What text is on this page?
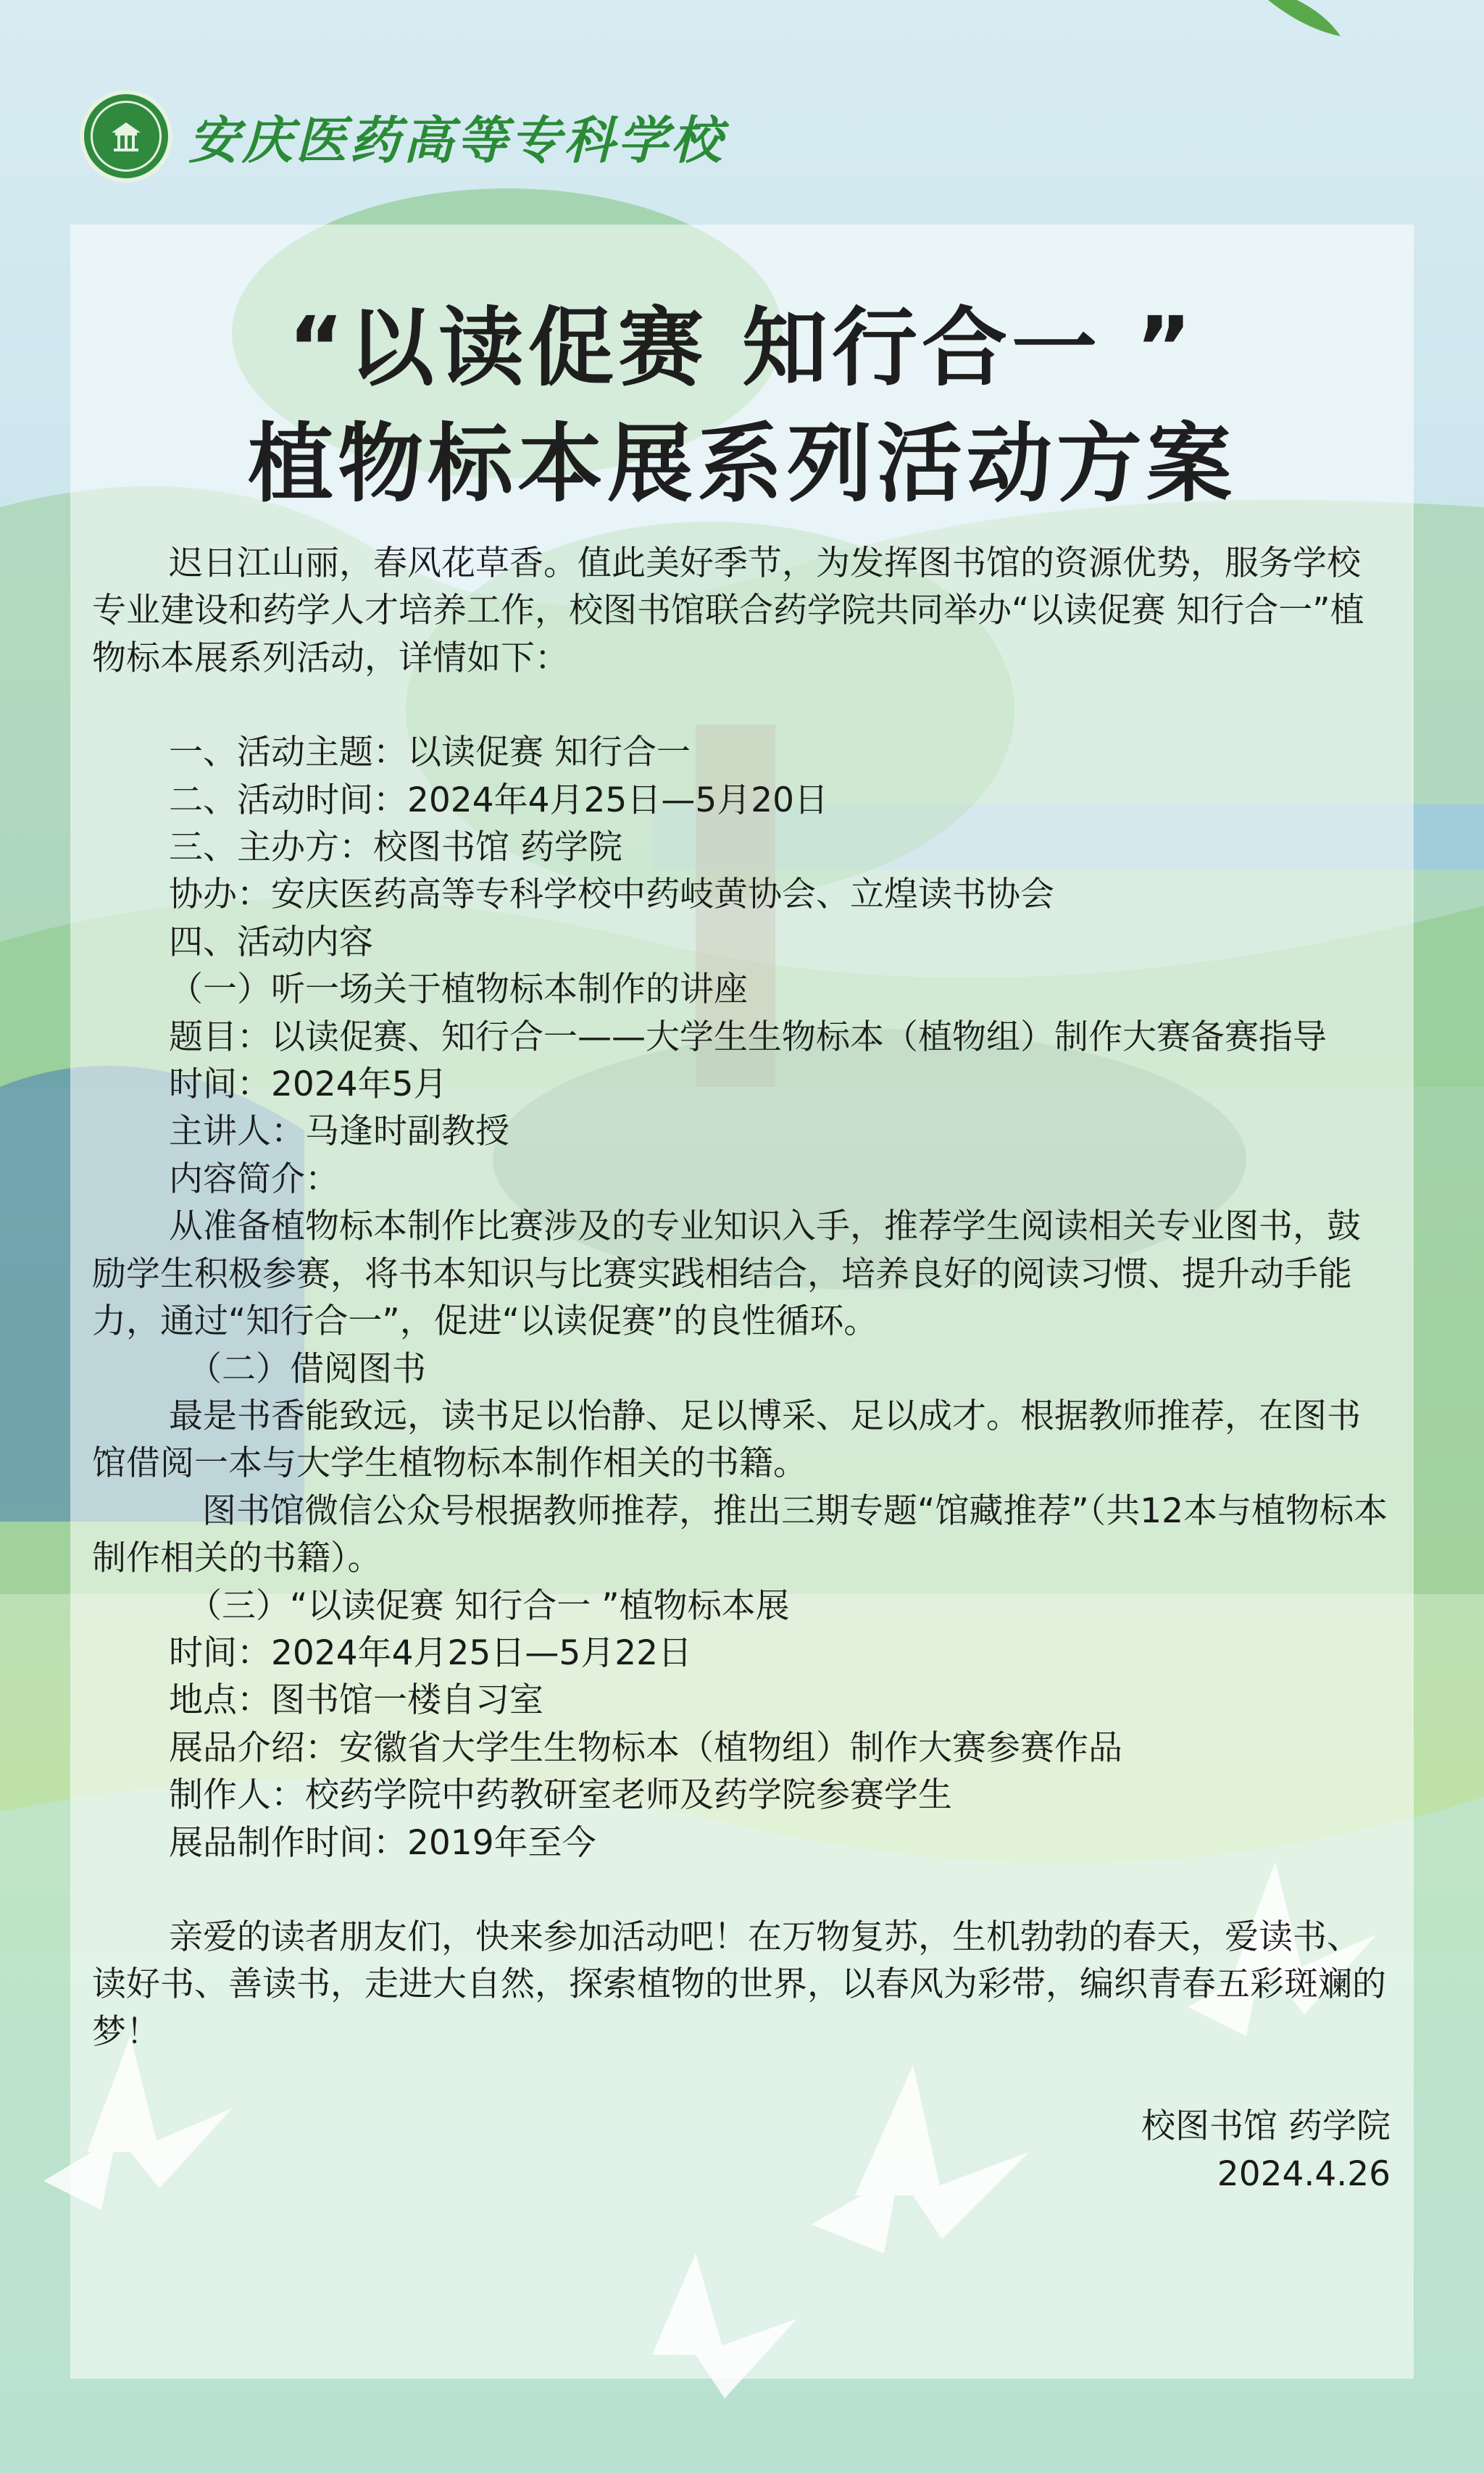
安庆医药高等专科学校
“以读促赛 知行合一 ”
植物标本展系列活动方案

迟日江山丽，春风花草香。值此美好季节，为发挥图书馆的资源优势，服务学校专业建设和药学人才培养工作，校图书馆联合药学院共同举办“以读促赛 知行合一”植物标本展系列活动，详情如下：

一、活动主题：以读促赛 知行合一

二、活动时间：2024年4月25日—5月20日

三、主办方：校图书馆 药学院

协办：安庆医药高等专科学校中药岐黄协会、立煌读书协会

四、活动内容

（一）听一场关于植物标本制作的讲座

题目：以读促赛、知行合一——大学生生物标本（植物组）制作大赛备赛指导

时间：2024年5月

主讲人：马逢时副教授

内容简介：

从准备植物标本制作比赛涉及的专业知识入手，推荐学生阅读相关专业图书，鼓励学生积极参赛，将书本知识与比赛实践相结合，培养良好的阅读习惯、提升动手能力，通过“知行合一”，促进“以读促赛”的良性循环。

（二）借阅图书

最是书香能致远，读书足以怡静、足以博采、足以成才。根据教师推荐，在图书馆借阅一本与大学生植物标本制作相关的书籍。

图书馆微信公众号根据教师推荐，推出三期专题“馆藏推荐”（共12本与植物标本制作相关的书籍）。

（三）“以读促赛 知行合一 ”植物标本展

时间：2024年4月25日—5月22日

地点：图书馆一楼自习室

展品介绍：安徽省大学生生物标本（植物组）制作大赛参赛作品

制作人：校药学院中药教研室老师及药学院参赛学生

展品制作时间：2019年至今

亲爱的读者朋友们，快来参加活动吧！在万物复苏，生机勃勃的春天，爱读书、读好书、善读书，走进大自然，探索植物的世界，以春风为彩带，编织青春五彩斑斓的梦！

校图书馆 药学院

2024.4.26
